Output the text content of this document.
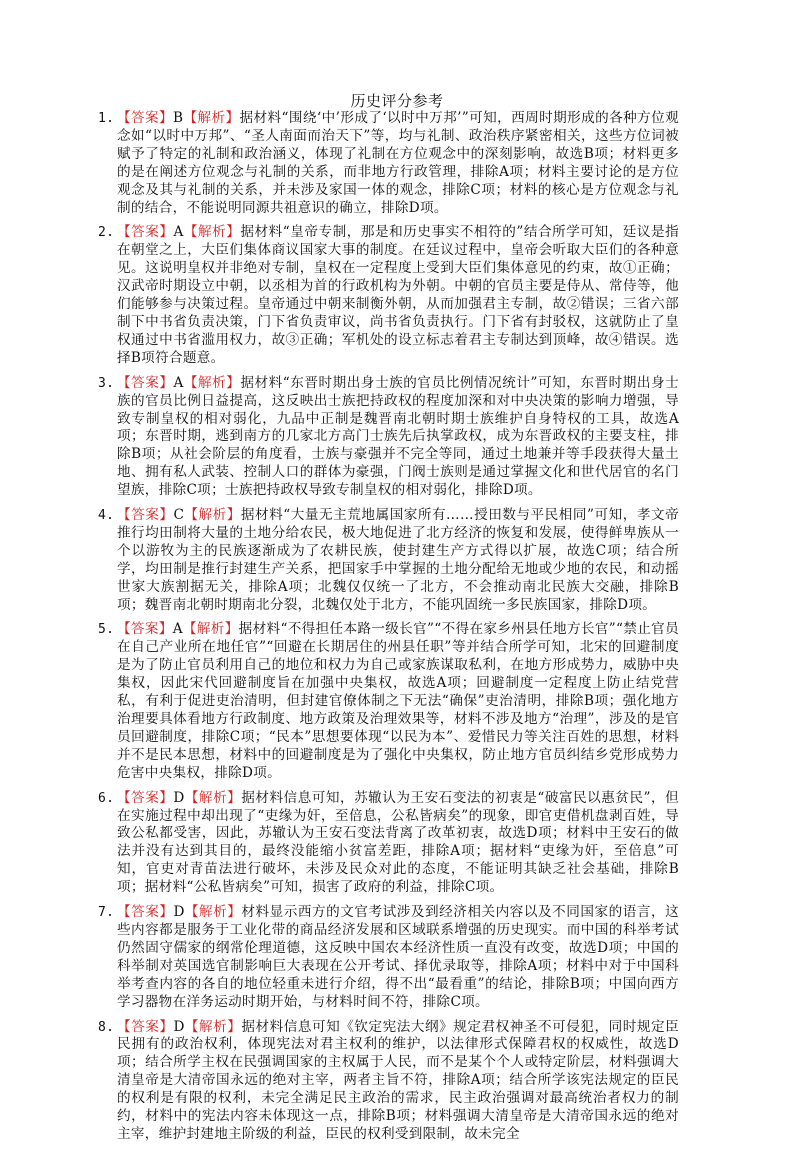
历史评分参考
1. 【答案】B【解析】据材料“围绕‘中’形成了‘以时中万邦’”可知，西周时期形成的各种方位观念如“以时中万邦”、“圣人南面而治天下”等，均与礼制、政治秩序紧密相关，这些方位词被赋予了特定的礼制和政治涵义，体现了礼制在方位观念中的深刻影响，故选B项；材料更多的是在阐述方位观念与礼制的关系，而非地方行政管理，排除A项；材料主要讨论的是方位观念及其与礼制的关系，并未涉及家国一体的观念，排除C项；材料的核心是方位观念与礼制的结合，不能说明同源共祖意识的确立，排除D项。
2. 【答案】A【解析】据材料“皇帝专制，那是和历史事实不相符的”结合所学可知，廷议是指在朝堂之上，大臣们集体商议国家大事的制度。在廷议过程中，皇帝会听取大臣们的各种意见。这说明皇权并非绝对专制，皇权在一定程度上受到大臣们集体意见的约束，故①正确；汉武帝时期设立中朝，以丞相为首的行政机构为外朝。中朝的官员主要是侍从、常侍等，他们能够参与决策过程。皇帝通过中朝来制衡外朝，从而加强君主专制，故②错误；三省六部制下中书省负责决策，门下省负责审议，尚书省负责执行。门下省有封驳权，这就防止了皇权通过中书省滥用权力，故③正确；军机处的设立标志着君主专制达到顶峰，故④错误。选择B项符合题意。
3. 【答案】A【解析】据材料“东晋时期出身士族的官员比例情况统计”可知，东晋时期出身士族的官员比例日益提高，这反映出士族把持政权的程度加深和对中央决策的影响力增强，导致专制皇权的相对弱化，九品中正制是魏晋南北朝时期士族维护自身特权的工具，故选A项；东晋时期，逃到南方的几家北方高门士族先后执掌政权，成为东晋政权的主要支柱，排除B项；从社会阶层的角度看，士族与豪强并不完全等同，通过土地兼并等手段获得大量土地、拥有私人武装、控制人口的群体为豪强，门阀士族则是通过掌握文化和世代居官的名门望族，排除C项；士族把持政权导致专制皇权的相对弱化，排除D项。
4. 【答案】C【解析】据材料“大量无主荒地属国家所有……授田数与平民相同”可知，孝文帝推行均田制将大量的土地分给农民，极大地促进了北方经济的恢复和发展，使得鲜卑族从一个以游牧为主的民族逐渐成为了农耕民族，使封建生产方式得以扩展，故选C项；结合所学，均田制是推行封建生产关系，把国家手中掌握的土地分配给无地或少地的农民，和动摇世家大族割据无关，排除A项；北魏仅仅统一了北方，不会推动南北民族大交融，排除B项；魏晋南北朝时期南北分裂，北魏仅处于北方，不能巩固统一多民族国家，排除D项。
5. 【答案】A【解析】据材料“不得担任本路一级长官”“不得在家乡州县任地方长官”“禁止官员在自己产业所在地任官”“回避在长期居住的州县任职”等并结合所学可知，北宋的回避制度是为了防止官员利用自己的地位和权力为自己或家族谋取私利，在地方形成势力，威胁中央集权，因此宋代回避制度旨在加强中央集权，故选A项；回避制度一定程度上防止结党营私，有利于促进吏治清明，但封建官僚体制之下无法“确保”吏治清明，排除B项；强化地方治理要具体看地方行政制度、地方政策及治理效果等，材料不涉及地方“治理”，涉及的是官员回避制度，排除C项；“民本”思想要体现“以民为本”、爱惜民力等关注百姓的思想，材料并不是民本思想，材料中的回避制度是为了强化中央集权，防止地方官员纠结乡党形成势力危害中央集权，排除D项。
6. 【答案】D【解析】据材料信息可知，苏辙认为王安石变法的初衷是“破富民以惠贫民”，但在实施过程中却出现了“吏缘为奸，至倍息，公私皆病矣”的现象，即官吏借机盘剥百姓，导致公私都受害，因此，苏辙认为王安石变法背离了改革初衷，故选D项；材料中王安石的做法并没有达到其目的，最终没能缩小贫富差距，排除A项；据材料“吏缘为奸，至倍息”可知，官吏对青苗法进行破坏，未涉及民众对此的态度，不能证明其缺乏社会基础，排除B项；据材料“公私皆病矣”可知，损害了政府的利益，排除C项。
7. 【答案】D【解析】材料显示西方的文官考试涉及到经济相关内容以及不同国家的语言，这些内容都是服务于工业化带的商品经济发展和区域联系增强的历史现实。而中国的科举考试仍然固守儒家的纲常伦理道德，这反映中国农本经济性质一直没有改变，故选D项；中国的科举制对英国选官制影响巨大表现在公开考试、择优录取等，排除A项；材料中对于中国科举考查内容的各自的地位轻重未进行介绍，得不出“最看重”的结论，排除B项；中国向西方学习器物在洋务运动时期开始，与材料时间不符，排除C项。
8. 【答案】D【解析】据材料信息可知《钦定宪法大纲》规定君权神圣不可侵犯，同时规定臣民拥有的政治权利，体现宪法对君主权利的维护，以法律形式保障君权的权威性，故选D项；结合所学主权在民强调国家的主权属于人民，而不是某个个人或特定阶层，材料强调大清皇帝是大清帝国永远的绝对主宰，两者主旨不符，排除A项；结合所学该宪法规定的臣民的权利是有限的权利，未完全满足民主政治的需求，民主政治强调对最高统治者权力的制约，材料中的宪法内容未体现这一点，排除B项；材料强调大清皇帝是大清帝国永远的绝对主宰，维护封建地主阶级的利益，臣民的权利受到限制，故未完全
